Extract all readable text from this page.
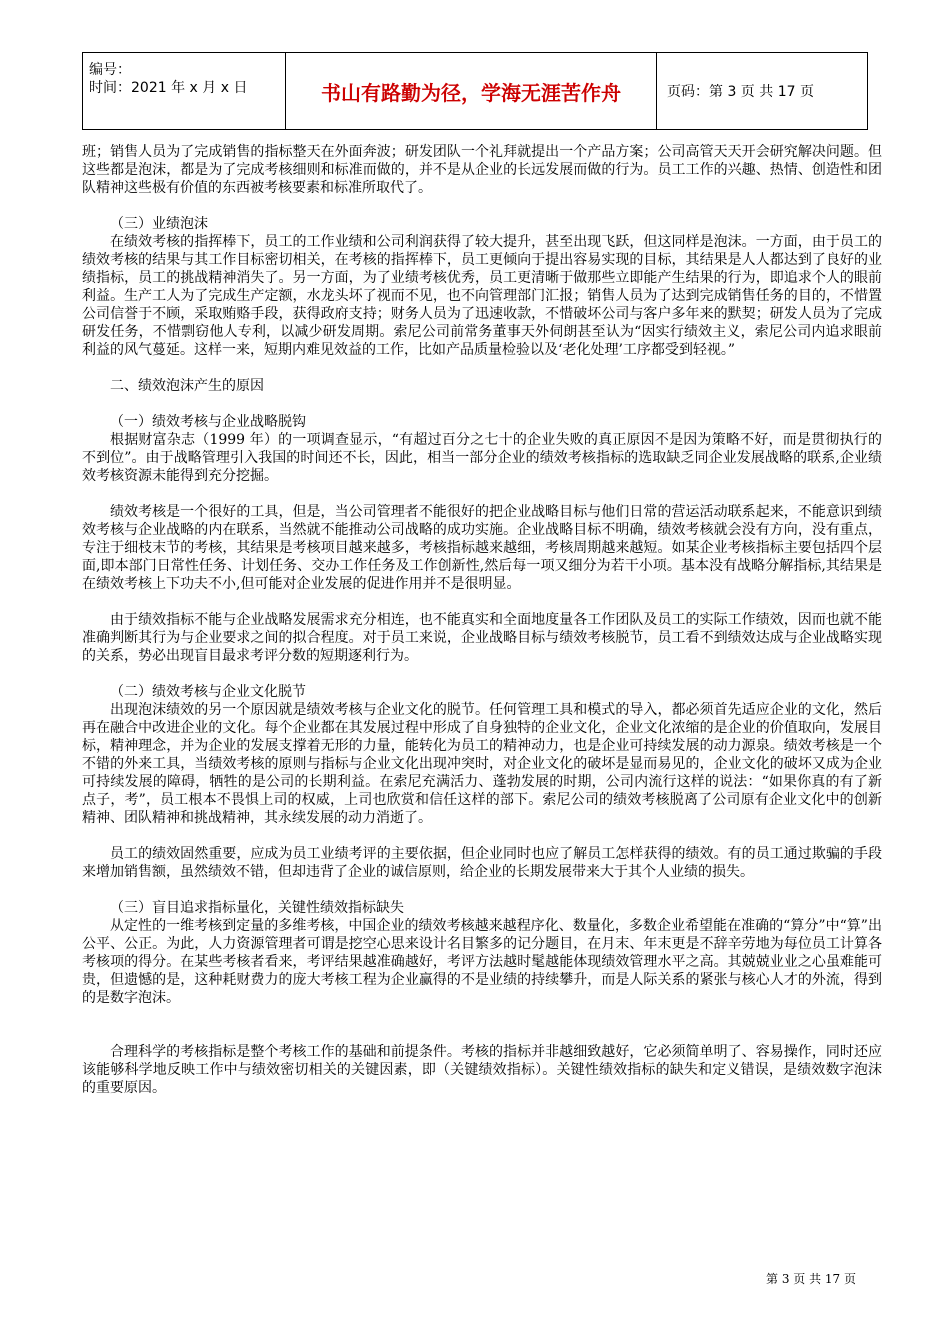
编号：
时间：2021 年 x 月 x 日	书山有路勤为径，学海无涯苦作舟	页码：第 3 页 共 17 页

班；销售人员为了完成销售的指标整天在外面奔波；研发团队一个礼拜就提出一个产品方案；公司高管天天开会研究解决问题。但这些都是泡沫，都是为了完成考核细则和标准而做的，并不是从企业的长远发展而做的行为。员工工作的兴趣、热情、创造性和团队精神这些极有价值的东西被考核要素和标准所取代了。

（三）业绩泡沫

在绩效考核的指挥棒下，员工的工作业绩和公司利润获得了较大提升，甚至出现飞跃，但这同样是泡沫。一方面，由于员工的绩效考核的结果与其工作目标密切相关，在考核的指挥棒下，员工更倾向于提出容易实现的目标，其结果是人人都达到了良好的业绩指标，员工的挑战精神消失了。另一方面，为了业绩考核优秀，员工更清晰于做那些立即能产生结果的行为，即追求个人的眼前利益。生产工人为了完成生产定额，水龙头坏了视而不见，也不向管理部门汇报；销售人员为了达到完成销售任务的目的，不惜置公司信誉于不顾，采取贿赂手段，获得政府支持；财务人员为了迅速收款，不惜破坏公司与客户多年来的默契；研发人员为了完成研发任务，不惜剽窃他人专利，以减少研发周期。索尼公司前常务董事天外伺朗甚至认为“因实行绩效主义，索尼公司内追求眼前利益的风气蔓延。这样一来，短期内难见效益的工作，比如产品质量检验以及‘老化处理’工序都受到轻视。”

二、绩效泡沫产生的原因

（一）绩效考核与企业战略脱钩

根据财富杂志（1999 年）的一项调查显示，“有超过百分之七十的企业失败的真正原因不是因为策略不好，而是贯彻执行的不到位”。由于战略管理引入我国的时间还不长，因此，相当一部分企业的绩效考核指标的选取缺乏同企业发展战略的联系,企业绩效考核资源未能得到充分挖掘。

绩效考核是一个很好的工具，但是，当公司管理者不能很好的把企业战略目标与他们日常的营运活动联系起来，不能意识到绩效考核与企业战略的内在联系，当然就不能推动公司战略的成功实施。企业战略目标不明确，绩效考核就会没有方向，没有重点，专注于细枝末节的考核，其结果是考核项目越来越多，考核指标越来越细，考核周期越来越短。如某企业考核指标主要包括四个层面,即本部门日常性任务、计划任务、交办工作任务及工作创新性,然后每一项又细分为若干小项。基本没有战略分解指标,其结果是在绩效考核上下功夫不小,但可能对企业发展的促进作用并不是很明显。

由于绩效指标不能与企业战略发展需求充分相连，也不能真实和全面地度量各工作团队及员工的实际工作绩效，因而也就不能准确判断其行为与企业要求之间的拟合程度。对于员工来说，企业战略目标与绩效考核脱节，员工看不到绩效达成与企业战略实现的关系，势必出现盲目最求考评分数的短期逐利行为。

（二）绩效考核与企业文化脱节

出现泡沫绩效的另一个原因就是绩效考核与企业文化的脱节。任何管理工具和模式的导入，都必须首先适应企业的文化，然后再在融合中改进企业的文化。每个企业都在其发展过程中形成了自身独特的企业文化，企业文化浓缩的是企业的价值取向，发展目标，精神理念，并为企业的发展支撑着无形的力量，能转化为员工的精神动力，也是企业可持续发展的动力源泉。绩效考核是一个不错的外来工具，当绩效考核的原则与指标与企业文化出现冲突时，对企业文化的破坏是显而易见的，企业文化的破坏又成为企业可持续发展的障碍，牺牲的是公司的长期利益。在索尼充满活力、蓬勃发展的时期，公司内流行这样的说法：“如果你真的有了新点子，考”，员工根本不畏惧上司的权威，上司也欣赏和信任这样的部下。索尼公司的绩效考核脱离了公司原有企业文化中的创新精神、团队精神和挑战精神，其永续发展的动力消逝了。

员工的绩效固然重要，应成为员工业绩考评的主要依据，但企业同时也应了解员工怎样获得的绩效。有的员工通过欺骗的手段来增加销售额，虽然绩效不错，但却违背了企业的诚信原则，给企业的长期发展带来大于其个人业绩的损失。

（三）盲目追求指标量化，关键性绩效指标缺失

从定性的一维考核到定量的多维考核，中国企业的绩效考核越来越程序化、数量化，多数企业希望能在准确的“算分”中“算”出公平、公正。为此，人力资源管理者可谓是挖空心思来设计名目繁多的记分题目，在月末、年末更是不辞辛劳地为每位员工计算各考核项的得分。在某些考核者看来，考评结果越准确越好，考评方法越时髦越能体现绩效管理水平之高。其兢兢业业之心虽难能可贵，但遗憾的是，这种耗财费力的庞大考核工程为企业赢得的不是业绩的持续攀升，而是人际关系的紧张与核心人才的外流，得到的是数字泡沫。

合理科学的考核指标是整个考核工作的基础和前提条件。考核的指标并非越细致越好，它必须简单明了、容易操作，同时还应该能够科学地反映工作中与绩效密切相关的关键因素，即（关键绩效指标）。关键性绩效指标的缺失和定义错误，是绩效数字泡沫的重要原因。

第 3 页 共 17 页
